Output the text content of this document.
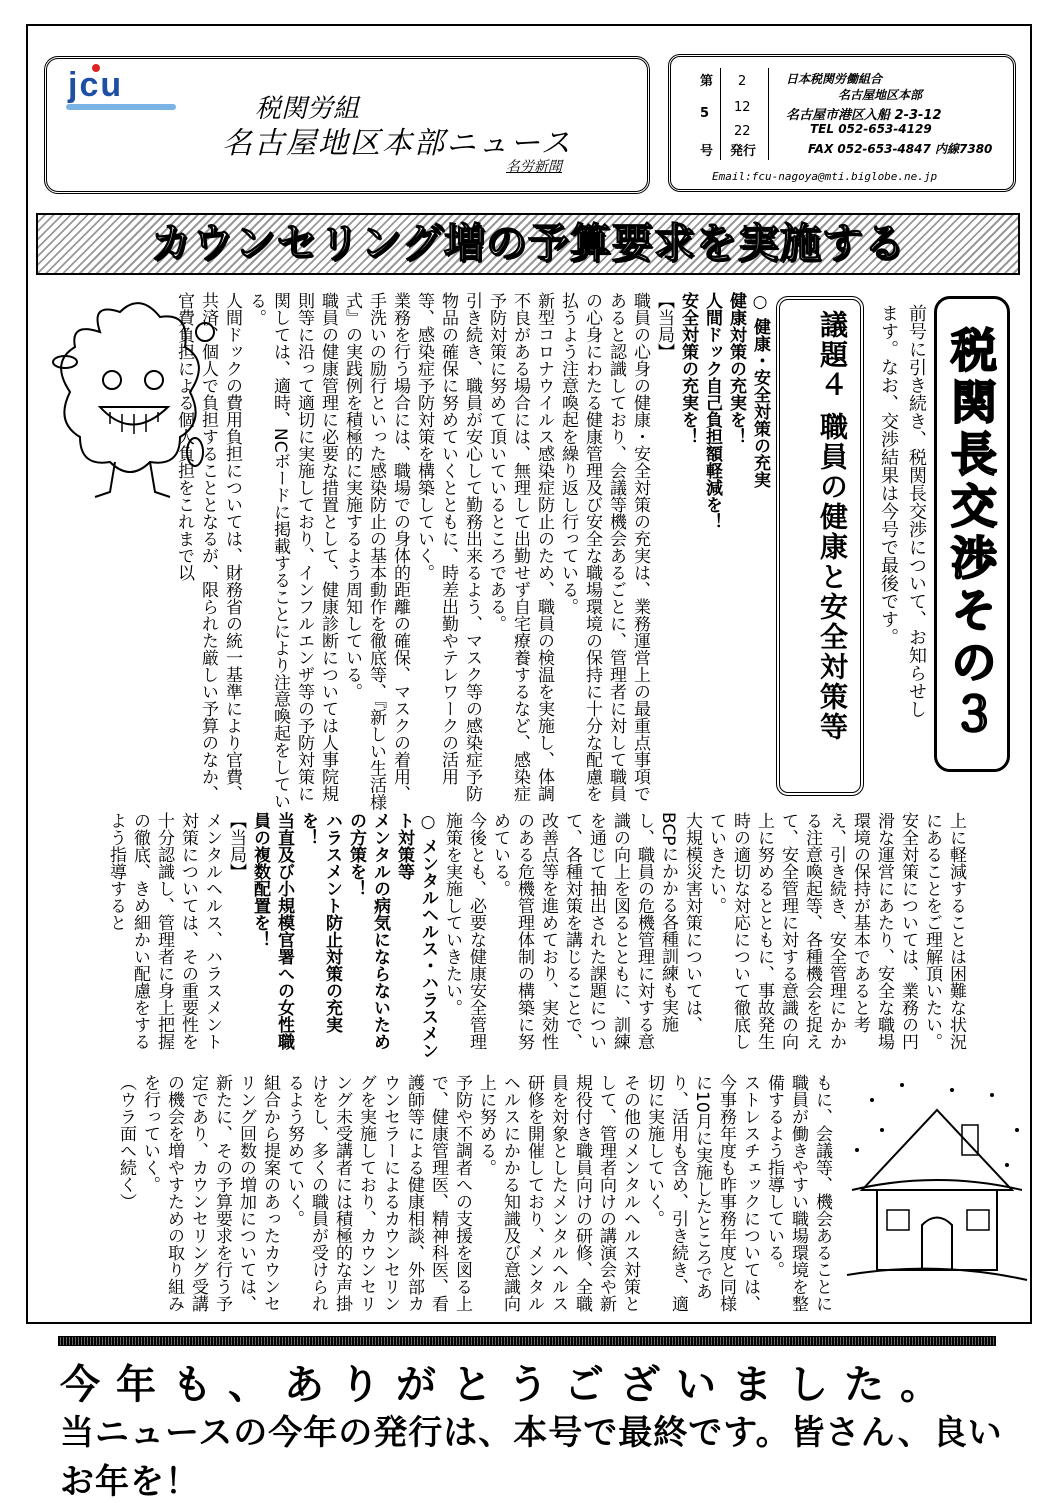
jcu
税関労組
名古屋地区本部ニュース
名労新聞
第
5
号
2
12
22
発行
日本税関労働組合
名古屋地区本部
名古屋市港区入船 2-3-12
TEL 052-653-4129
FAX 052-653-4847 内線7380
Email:fcu-nagoya@mti.biglobe.ne.jp
カウンセリング増の予算要求を実施する
税関長交渉その３
前号に引き続き、税関長交渉について、お知らせします。なお、交渉結果は今号で最後です。
議題４ 職員の健康と安全対策等
○ 健康・安全対策の充実
健康対策の充実を！
人間ドック自己負担額軽減を！
安全対策の充実を！
【当局】
職員の心身の健康・安全対策の充実は、業務運営上の最重点事項であると認識しており、会議等機会あるごとに、管理者に対して職員の心身にわたる健康管理及び安全な職場環境の保持に十分な配慮を払うよう注意喚起を繰り返し行っている。
新型コロナウイルス感染症防止のため、職員の検温を実施し、体調不良がある場合には、無理して出勤せず自宅療養するなど、感染症予防対策に努めて頂いているところである。
引き続き、職員が安心して勤務出来るよう、マスク等の感染症予防物品の確保に努めていくとともに、時差出勤やテレワークの活用等、感染症予防対策を構築していく。
業務を行う場合には、職場での身体的距離の確保、マスクの着用、手洗いの励行といった感染防止の基本動作を徹底等、『新しい生活様式』の実践例を積極的に実施するよう周知している。
職員の健康管理に必要な措置として、健康診断については人事院規則等に沿って適切に実施しており、インフルエンザ等の予防対策に関しては、適時、NCボードに掲載することにより注意喚起をしている。
人間ドックの費用負担については、財務省の統一基準により官費、共済、個人で負担することとなるが、限られた厳しい予算のなか、官費負担による個人負担をこれまで以
上に軽減することは困難な状況にあることをご理解頂いたい。
安全対策については、業務の円滑な運営にあたり、安全な職場環境の保持が基本であると考え、引き続き、安全管理にかかる注意喚起等、各種機会を捉えて、安全管理に対する意識の向上に努めるとともに、事故発生時の適切な対応について徹底していきたい。
大規模災害対策については、BCPにかかる各種訓練も実施し、職員の危機管理に対する意識の向上を図るとともに、訓練を通じて抽出された課題について、各種対策を講じることで、改善点等を進めており、実効性のある危機管理体制の構築に努めている。
今後とも、必要な健康安全管理施策を実施していきたい。
○ メンタルヘルス・ハラスメント対策等
メンタルの病気にならないための方策を！
ハラスメント防止対策の充実を！
当直及び小規模官署への女性職員の複数配置を！
【当局】
メンタルヘルス、ハラスメント対策については、その重要性を十分認識し、管理者に身上把握の徹底、きめ細かい配慮をするよう指導すると
もに、会議等、機会あることに職員が働きやすい職場環境を整備するよう指導している。
ストレスチェックについては、今事務年度も昨事務年度と同様に10月に実施したところであり、活用も含め、引き続き、適切に実施していく。
その他のメンタルヘルス対策として、管理者向けの講演会や新規役付き職員向けの研修、全職員を対象としたメンタルヘルス研修を開催しており、メンタルヘルスにかかる知識及び意識向上に努める。
予防や不調者への支援を図る上で、健康管理医、精神科医、看護師等による健康相談、外部カウンセラーによるカウンセリングを実施しており、カウンセリング未受講者には積極的な声掛けをし、多くの職員が受けられるよう努めていく。
組合から提案のあったカウンセリング回数の増加については、新たに、その予算要求を行う予定であり、カウンセリング受講の機会を増やすための取り組みを行っていく。
（ウラ面へ続く）
今年も、ありがとうございました。
当ニュースの今年の発行は、本号で最終です。皆さん、良いお年を！
